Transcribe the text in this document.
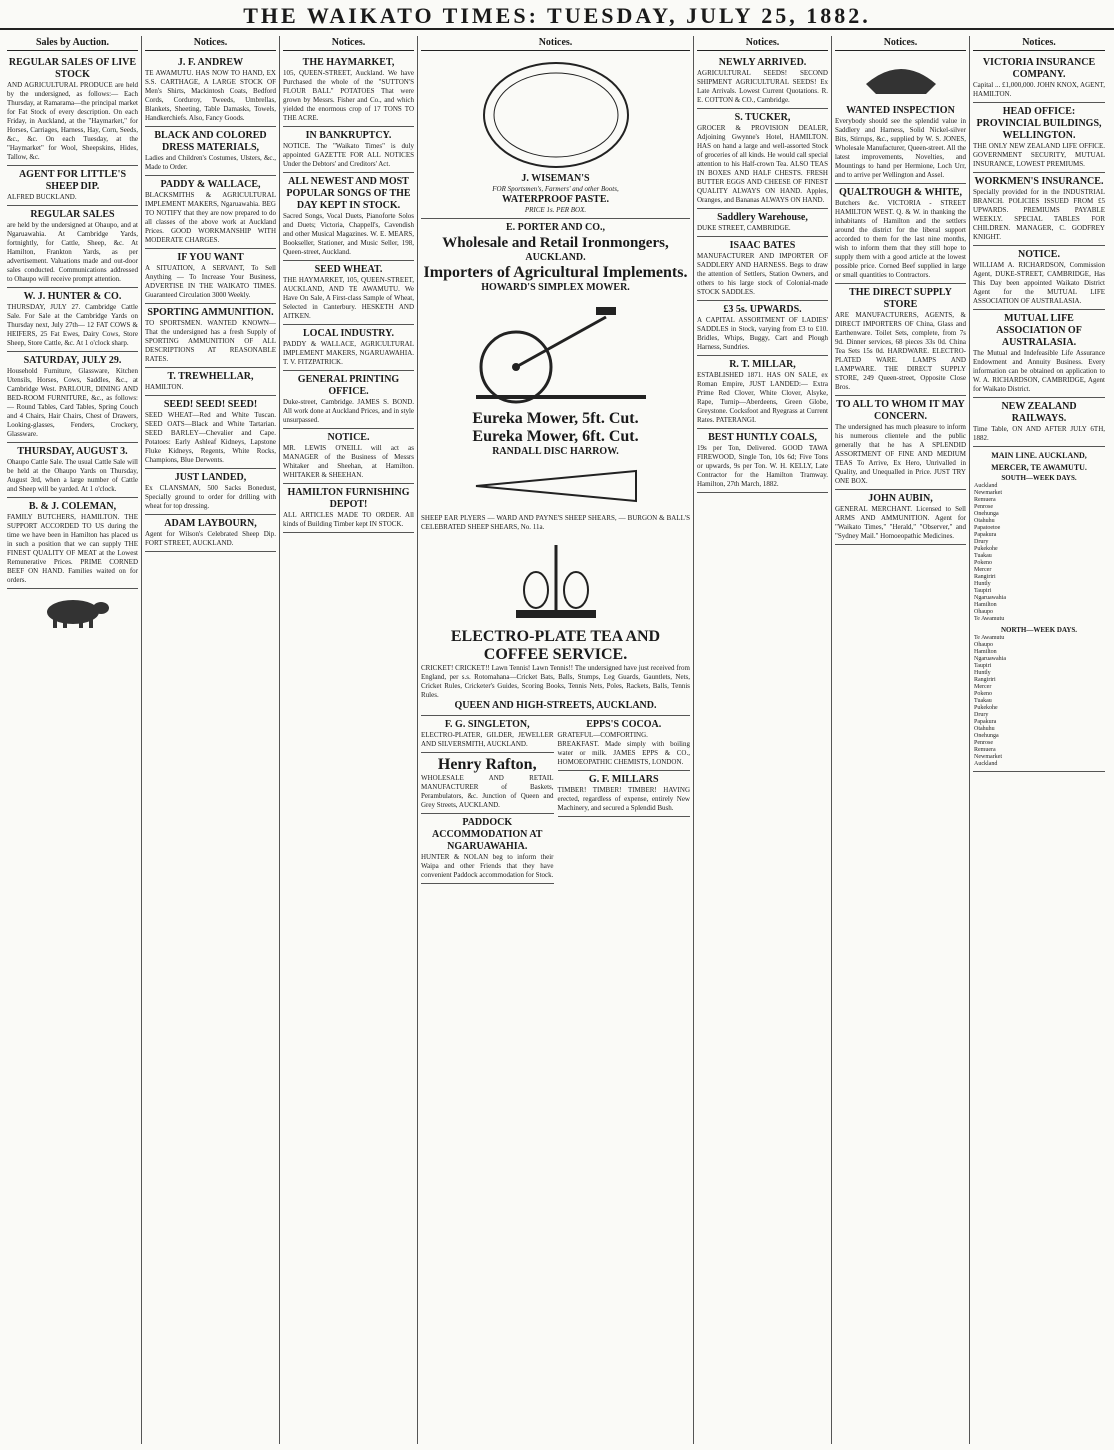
THE WAIKATO TIMES: TUESDAY, JULY 25, 1882.
Sales by Auction.
REGULAR SALES OF LIVE STOCK
AND AGRICULTURAL PRODUCE are held by the undersigned, as follows:— Each Thursday, at Ramarama—the principal market for Fat Stock of every description. On each Friday, in Auckland, at the "Haymarket," for Horses, Carriages, Harness, Hay, Corn, Seeds, &c., &c. On each Tuesday, at the "Haymarket" for Wool, Sheepskins, Hides, Tallow, &c.
AGENT FOR LITTLE'S SHEEP DIP.
ALFRED BUCKLAND.
REGULAR SALES
are held by the undersigned at Ohaupo, and at Ngaruawahia. At Cambridge Yards, fortnightly, for Cattle, Sheep, &c. At Hamilton, Frankton Yards, as per advertisement. Valuations made and out-door sales conducted. Communications addressed to Ohaupo will receive prompt attention.
W. J. HUNTER & CO.
THURSDAY, JULY 27. Cambridge Cattle Sale. For Sale at the Cambridge Yards on Thursday next, July 27th— 12 FAT COWS & HEIFERS, 25 Fat Ewes, Dairy Cows, Store Sheep, Store Cattle, &c. At 1 o'clock sharp.
SATURDAY, JULY 29.
Household Furniture, Glassware, Kitchen Utensils, Horses, Cows, Saddles, &c., at Cambridge West. PARLOUR, DINING AND BED-ROOM FURNITURE, &c., as follows:— Round Tables, Card Tables, Spring Couch and 4 Chairs, Hair Chairs, Chest of Drawers, Looking-glasses, Fenders, Crockery, Glassware.
THURSDAY, AUGUST 3.
Ohaupo Cattle Sale. The usual Cattle Sale will be held at the Ohaupo Yards on Thursday, August 3rd, when a large number of Cattle and Sheep will be yarded. At 1 o'clock.
B. & J. COLEMAN,
FAMILY BUTCHERS, HAMILTON. THE SUPPORT ACCORDED TO US during the time we have been in Hamilton has placed us in such a position that we can supply THE FINEST QUALITY OF MEAT at the Lowest Remunerative Prices. PRIME CORNED BEEF ON HAND. Families waited on for orders.
Notices.
J. F. ANDREW
TE AWAMUTU. HAS NOW TO HAND, EX S.S. CARTHAGE, A LARGE STOCK OF Men's Shirts, Mackintosh Coats, Bedford Cords, Corduroy, Tweeds, Umbrellas, Blankets, Sheeting, Table Damasks, Towels, Handkerchiefs. Also, Fancy Goods.
BLACK AND COLORED DRESS MATERIALS,
Ladies and Children's Costumes, Ulsters, &c., Made to Order.
PADDY & WALLACE,
BLACKSMITHS & AGRICULTURAL IMPLEMENT MAKERS, Ngaruawahia. BEG TO NOTIFY that they are now prepared to do all classes of the above work at Auckland Prices. GOOD WORKMANSHIP WITH MODERATE CHARGES.
IF YOU WANT
A SITUATION, A SERVANT, To Sell Anything — To Increase Your Business, ADVERTISE IN THE WAIKATO TIMES. Guaranteed Circulation 3000 Weekly.
SPORTING AMMUNITION.
TO SPORTSMEN. WANTED KNOWN—That the undersigned has a fresh Supply of SPORTING AMMUNITION OF ALL DESCRIPTIONS AT REASONABLE RATES.
T. TREWHELLAR,
HAMILTON.
SEED! SEED! SEED!
SEED WHEAT—Red and White Tuscan. SEED OATS—Black and White Tartarian. SEED BARLEY—Chevalier and Cape. Potatoes: Early Ashleaf Kidneys, Lapstone Fluke Kidneys, Regents, White Rocks, Champions, Blue Derwents.
JUST LANDED,
Ex CLANSMAN, 500 Sacks Bonedust, Specially ground to order for drilling with wheat for top dressing.
ADAM LAYBOURN,
Agent for Wilson's Celebrated Sheep Dip. FORT STREET, AUCKLAND.
Notices.
THE HAYMARKET,
105, QUEEN-STREET, Auckland. We have Purchased the whole of the "SUTTON'S FLOUR BALL" POTATOES That were grown by Messrs. Fisher and Co., and which yielded the enormous crop of 17 TONS TO THE ACRE.
IN BANKRUPTCY.
NOTICE. The "Waikato Times" is duly appointed GAZETTE FOR ALL NOTICES Under the Debtors' and Creditors' Act.
ALL NEWEST AND MOST POPULAR SONGS OF THE DAY KEPT IN STOCK.
Sacred Songs, Vocal Duets, Pianoforte Solos and Duets; Victoria, Chappell's, Cavendish and other Musical Magazines. W. E. MEARS, Bookseller, Stationer, and Music Seller, 198, Queen-street, Auckland.
SEED WHEAT.
THE HAYMARKET, 105, QUEEN-STREET, AUCKLAND, AND TE AWAMUTU. We Have On Sale, A First-class Sample of Wheat, Selected in Canterbury. HESKETH AND AITKEN.
LOCAL INDUSTRY.
PADDY & WALLACE, AGRICULTURAL IMPLEMENT MAKERS, NGARUAWAHIA. T. V. FITZPATRICK.
GENERAL PRINTING OFFICE.
Duke-street, Cambridge. JAMES S. BOND. All work done at Auckland Prices, and in style unsurpassed.
NOTICE.
MR. LEWIS O'NEILL will act as MANAGER of the Business of Messrs Whitaker and Sheehan, at Hamilton. WHITAKER & SHEEHAN.
HAMILTON FURNISHING DEPOT!
ALL ARTICLES MADE TO ORDER. All kinds of Building Timber kept IN STOCK.
Notices.
J. WISEMAN'S
FOR Sportsmen's, Farmers' and other Boots,
WATERPROOF PASTE.
PRICE 1s. PER BOX.
E. PORTER AND CO.,
Wholesale and Retail Ironmongers,
AUCKLAND.
Importers of Agricultural Implements.
HOWARD'S SIMPLEX MOWER.
Eureka Mower, 5ft. Cut.
Eureka Mower, 6ft. Cut.
RANDALL DISC HARROW.
SHEEP EAR PLYERS — WARD AND PAYNE'S SHEEP SHEARS, — BURGON & BALL'S CELEBRATED SHEEP SHEARS, No. 11a.
ELECTRO-PLATE TEA AND COFFEE SERVICE.
CRICKET! CRICKET!! Lawn Tennis! Lawn Tennis!! The undersigned have just received from England, per s.s. Rotomahana—Cricket Bats, Balls, Stumps, Leg Guards, Gauntlets, Nets, Cricket Rules, Cricketer's Guides, Scoring Books, Tennis Nets, Poles, Rackets, Balls, Tennis Rules.
QUEEN AND HIGH-STREETS, AUCKLAND.
F. G. SINGLETON,
ELECTRO-PLATER, GILDER, JEWELLER AND SILVERSMITH, AUCKLAND.
Henry Rafton,
WHOLESALE AND RETAIL MANUFACTURER of Baskets, Perambulators, &c. Junction of Queen and Grey Streets, AUCKLAND.
PADDOCK ACCOMMODATION AT NGARUAWAHIA.
HUNTER & NOLAN beg to inform their Waipa and other Friends that they have convenient Paddock accommodation for Stock.
EPPS'S COCOA.
GRATEFUL—COMFORTING. BREAKFAST. Made simply with boiling water or milk. JAMES EPPS & CO., HOMOEOPATHIC CHEMISTS, LONDON.
G. F. MILLARS
TIMBER! TIMBER! TIMBER! HAVING erected, regardless of expense, entirely New Machinery, and secured a Splendid Bush.
Notices.
NEWLY ARRIVED.
AGRICULTURAL SEEDS! SECOND SHIPMENT AGRICULTURAL SEEDS! Ex Late Arrivals. Lowest Current Quotations. R. E. COTTON & CO., Cambridge.
S. TUCKER,
GROCER & PROVISION DEALER, Adjoining Gwynne's Hotel, HAMILTON. HAS on hand a large and well-assorted Stock of groceries of all kinds. He would call special attention to his Half-crown Tea. ALSO TEAS IN BOXES AND HALF CHESTS. FRESH BUTTER EGGS AND CHEESE OF FINEST QUALITY ALWAYS ON HAND. Apples, Oranges, and Bananas ALWAYS ON HAND.
Saddlery Warehouse,
DUKE STREET, CAMBRIDGE.
ISAAC BATES
MANUFACTURER AND IMPORTER OF SADDLERY AND HARNESS. Begs to draw the attention of Settlers, Station Owners, and others to his large stock of Colonial-made STOCK SADDLES.
£3 5s. UPWARDS.
A CAPITAL ASSORTMENT OF LADIES' SADDLES in Stock, varying from £3 to £10. Bridles, Whips, Buggy, Cart and Plough Harness, Sundries.
R. T. MILLAR,
ESTABLISHED 1871. HAS ON SALE, ex Roman Empire, JUST LANDED:— Extra Prime Red Clover, White Clover, Alsyke, Rape, Turnip—Aberdeens, Green Globe, Greystone. Cocksfoot and Ryegrass at Current Rates. PATERANGI.
BEST HUNTLY COALS,
19s per Ton, Delivered. GOOD TAWA FIREWOOD, Single Ton, 10s 6d; Five Tons or upwards, 9s per Ton. W. H. KELLY, Late Contractor for the Hamilton Tramway. Hamilton, 27th March, 1882.
Notices.
WANTED INSPECTION
Everybody should see the splendid value in Saddlery and Harness, Solid Nickel-silver Bits, Stirrups, &c., supplied by W. S. JONES, Wholesale Manufacturer, Queen-street. All the latest improvements, Novelties, and Mountings to hand per Hermione, Loch Urr, and to arrive per Wellington and Assel.
QUALTROUGH & WHITE,
Butchers &c. VICTORIA - STREET HAMILTON WEST. Q. & W. in thanking the inhabitants of Hamilton and the settlers around the district for the liberal support accorded to them for the last nine months, wish to inform them that they still hope to supply them with a good article at the lowest possible price. Corned Beef supplied in large or small quantities to Contractors.
THE DIRECT SUPPLY STORE
ARE MANUFACTURERS, AGENTS, & DIRECT IMPORTERS OF China, Glass and Earthenware. Toilet Sets, complete, from 7s 9d. Dinner services, 68 pieces 33s 0d. China Tea Sets 15s 0d. HARDWARE. ELECTRO-PLATED WARE. LAMPS AND LAMPWARE. THE DIRECT SUPPLY STORE, 249 Queen-street, Opposite Close Bros.
TO ALL TO WHOM IT MAY CONCERN.
The undersigned has much pleasure to inform his numerous clientele and the public generally that he has A SPLENDID ASSORTMENT OF FINE AND MEDIUM TEAS To Arrive, Ex Hero, Unrivalled in Quality, and Unequalled in Price. JUST TRY ONE BOX.
JOHN AUBIN,
GENERAL MERCHANT. Licensed to Sell ARMS AND AMMUNITION. Agent for "Waikato Times," "Herald," "Observer," and "Sydney Mail." Homoeopathic Medicines.
Notices.
VICTORIA INSURANCE COMPANY.
Capital ... £1,000,000. JOHN KNOX, AGENT, HAMILTON.
HEAD OFFICE: PROVINCIAL BUILDINGS, WELLINGTON.
THE ONLY NEW ZEALAND LIFE OFFICE. GOVERNMENT SECURITY, MUTUAL INSURANCE, LOWEST PREMIUMS.
WORKMEN'S INSURANCE.
Specially provided for in the INDUSTRIAL BRANCH. POLICIES ISSUED FROM £5 UPWARDS. PREMIUMS PAYABLE WEEKLY. SPECIAL TABLES FOR CHILDREN. MANAGER, C. GODFREY KNIGHT.
NOTICE.
WILLIAM A. RICHARDSON, Commission Agent, DUKE-STREET, CAMBRIDGE, Has This Day been appointed Waikato District Agent for the MUTUAL LIFE ASSOCIATION OF AUSTRALASIA.
MUTUAL LIFE ASSOCIATION OF AUSTRALASIA.
The Mutual and Indefeasible Life Assurance Endowment and Annuity Business. Every information can be obtained on application to W. A. RICHARDSON, CAMBRIDGE, Agent for Waikato District.
NEW ZEALAND RAILWAYS.
Time Table, ON AND AFTER JULY 6TH, 1882.
MAIN LINE. AUCKLAND, MERCER, TE AWAMUTU.
SOUTH—WEEK DAYS.
Auckland
Newmarket
Remuera
Penrose
Onehunga
Otahuhu
Papatoetoe
Papakura
Drury
Pukekohe
Tuakau
Pokeno
Mercer
Rangiriri
Huntly
Taupiri
Ngaruawahia
Hamilton
Ohaupo
Te Awamutu
NORTH—WEEK DAYS.
Te Awamutu
Ohaupo
Hamilton
Ngaruawahia
Taupiri
Huntly
Rangiriri
Mercer
Pokeno
Tuakau
Pukekohe
Drury
Papakura
Otahuhu
Onehunga
Penrose
Remuera
Newmarket
Auckland
